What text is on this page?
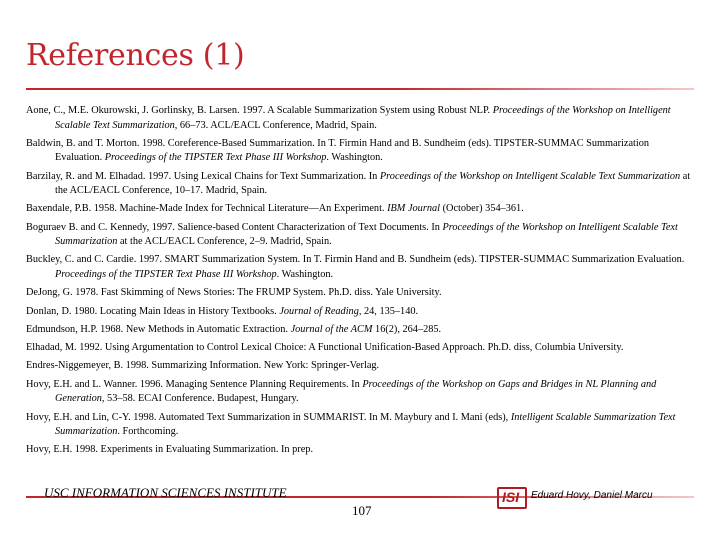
References (1)
Aone, C., M.E. Okurowski, J. Gorlinsky, B. Larsen. 1997. A Scalable Summarization System using Robust NLP. Proceedings of the Workshop on Intelligent Scalable Text Summarization, 66–73. ACL/EACL Conference, Madrid, Spain.
Baldwin, B. and T. Morton. 1998. Coreference-Based Summarization. In T. Firmin Hand and B. Sundheim (eds). TIPSTER-SUMMAC Summarization Evaluation. Proceedings of the TIPSTER Text Phase III Workshop. Washington.
Barzilay, R. and M. Elhadad. 1997. Using Lexical Chains for Text Summarization. In Proceedings of the Workshop on Intelligent Scalable Text Summarization at the ACL/EACL Conference, 10–17. Madrid, Spain.
Baxendale, P.B. 1958. Machine-Made Index for Technical Literature—An Experiment. IBM Journal (October) 354–361.
Boguraev B. and C. Kennedy, 1997. Salience-based Content Characterization of Text Documents. In Proceedings of the Workshop on Intelligent Scalable Text Summarization at the ACL/EACL Conference, 2–9. Madrid, Spain.
Buckley, C. and C. Cardie. 1997. SMART Summarization System. In T. Firmin Hand and B. Sundheim (eds). TIPSTER-SUMMAC Summarization Evaluation. Proceedings of the TIPSTER Text Phase III Workshop. Washington.
DeJong, G. 1978. Fast Skimming of News Stories: The FRUMP System. Ph.D. diss. Yale University.
Donlan, D. 1980. Locating Main Ideas in History Textbooks. Journal of Reading, 24, 135–140.
Edmundson, H.P. 1968. New Methods in Automatic Extraction. Journal of the ACM 16(2), 264–285.
Elhadad, M. 1992. Using Argumentation to Control Lexical Choice: A Functional Unification-Based Approach. Ph.D. diss, Columbia University.
Endres-Niggemeyer, B. 1998. Summarizing Information. New York: Springer-Verlag.
Hovy, E.H. and L. Wanner. 1996. Managing Sentence Planning Requirements. In Proceedings of the Workshop on Gaps and Bridges in NL Planning and Generation, 53–58. ECAI Conference. Budapest, Hungary.
Hovy, E.H. and Lin, C-Y. 1998. Automated Text Summarization in SUMMARIST. In M. Maybury and I. Mani (eds), Intelligent Scalable Summarization Text Summarization. Forthcoming.
Hovy, E.H. 1998. Experiments in Evaluating Summarization. In prep.
USC INFORMATION SCIENCES INSTITUTE	ISI Eduard Hovy, Daniel Marcu
107
